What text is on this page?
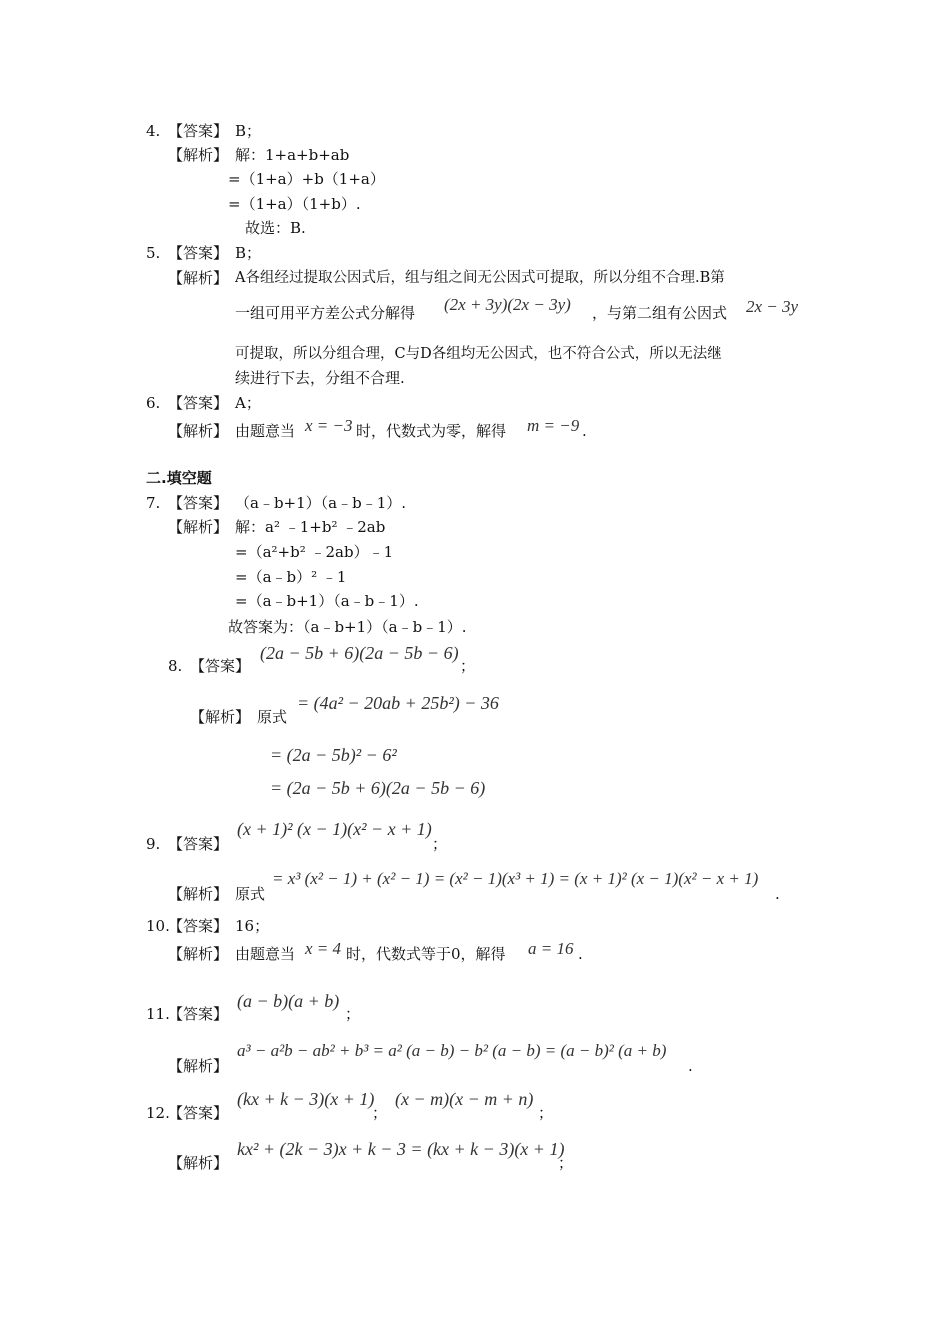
4. 【答案】 B；
【解析】 解：1+a+b+ab
=（1+a）+b（1+a）
=（1+a）（1+b）.
故选：B.
5. 【答案】 B；
【解析】 A各组经过提取公因式后，组与组之间无公因式可提取，所以分组不合理.B第
一组可用平方差公式分解得 (2x + 3y)(2x − 3y) ，与第二组有公因式 2x − 3y
可提取，所以分组合理，C与D各组均无公因式，也不符合公式，所以无法继
续进行下去，分组不合理.
6. 【答案】 A；
【解析】 由题意当 x = −3 时，代数式为零，解得 m = −9 .
二.填空题
7. 【答案】 （a﹣b+1）（a﹣b﹣1）.
【解析】 解：a² ﹣1+b² ﹣2ab
=（a²+b² ﹣2ab）﹣1
=（a﹣b）² ﹣1
=（a﹣b+1）（a﹣b﹣1）.
故答案为：（a﹣b+1）（a﹣b﹣1）.
8. 【答案】
(2a − 5b + 6)(2a − 5b − 6)
；
【解析】 原式
= (4a² − 20ab + 25b²) − 36
= (2a − 5b)² − 6²
= (2a − 5b + 6)(2a − 5b − 6)
9. 【答案】
(x + 1)² (x − 1)(x² − x + 1)
；
【解析】 原式
= x³ (x² − 1) + (x² − 1) = (x² − 1)(x³ + 1) = (x + 1)² (x − 1)(x² − x + 1)
.
10.
【答案】 16；
【解析】 由题意当 x = 4 时，代数式等于0，解得 a = 16 .
11.
【答案】
(a − b)(a + b)
；
【解析】
a³ − a²b − ab² + b³ = a² (a − b) − b² (a − b) = (a − b)² (a + b)
.
12.
【答案】
(kx + k − 3)(x + 1)
；
(x − m)(x − m + n)
；
【解析】
kx² + (2k − 3)x + k − 3 = (kx + k − 3)(x + 1)
；
